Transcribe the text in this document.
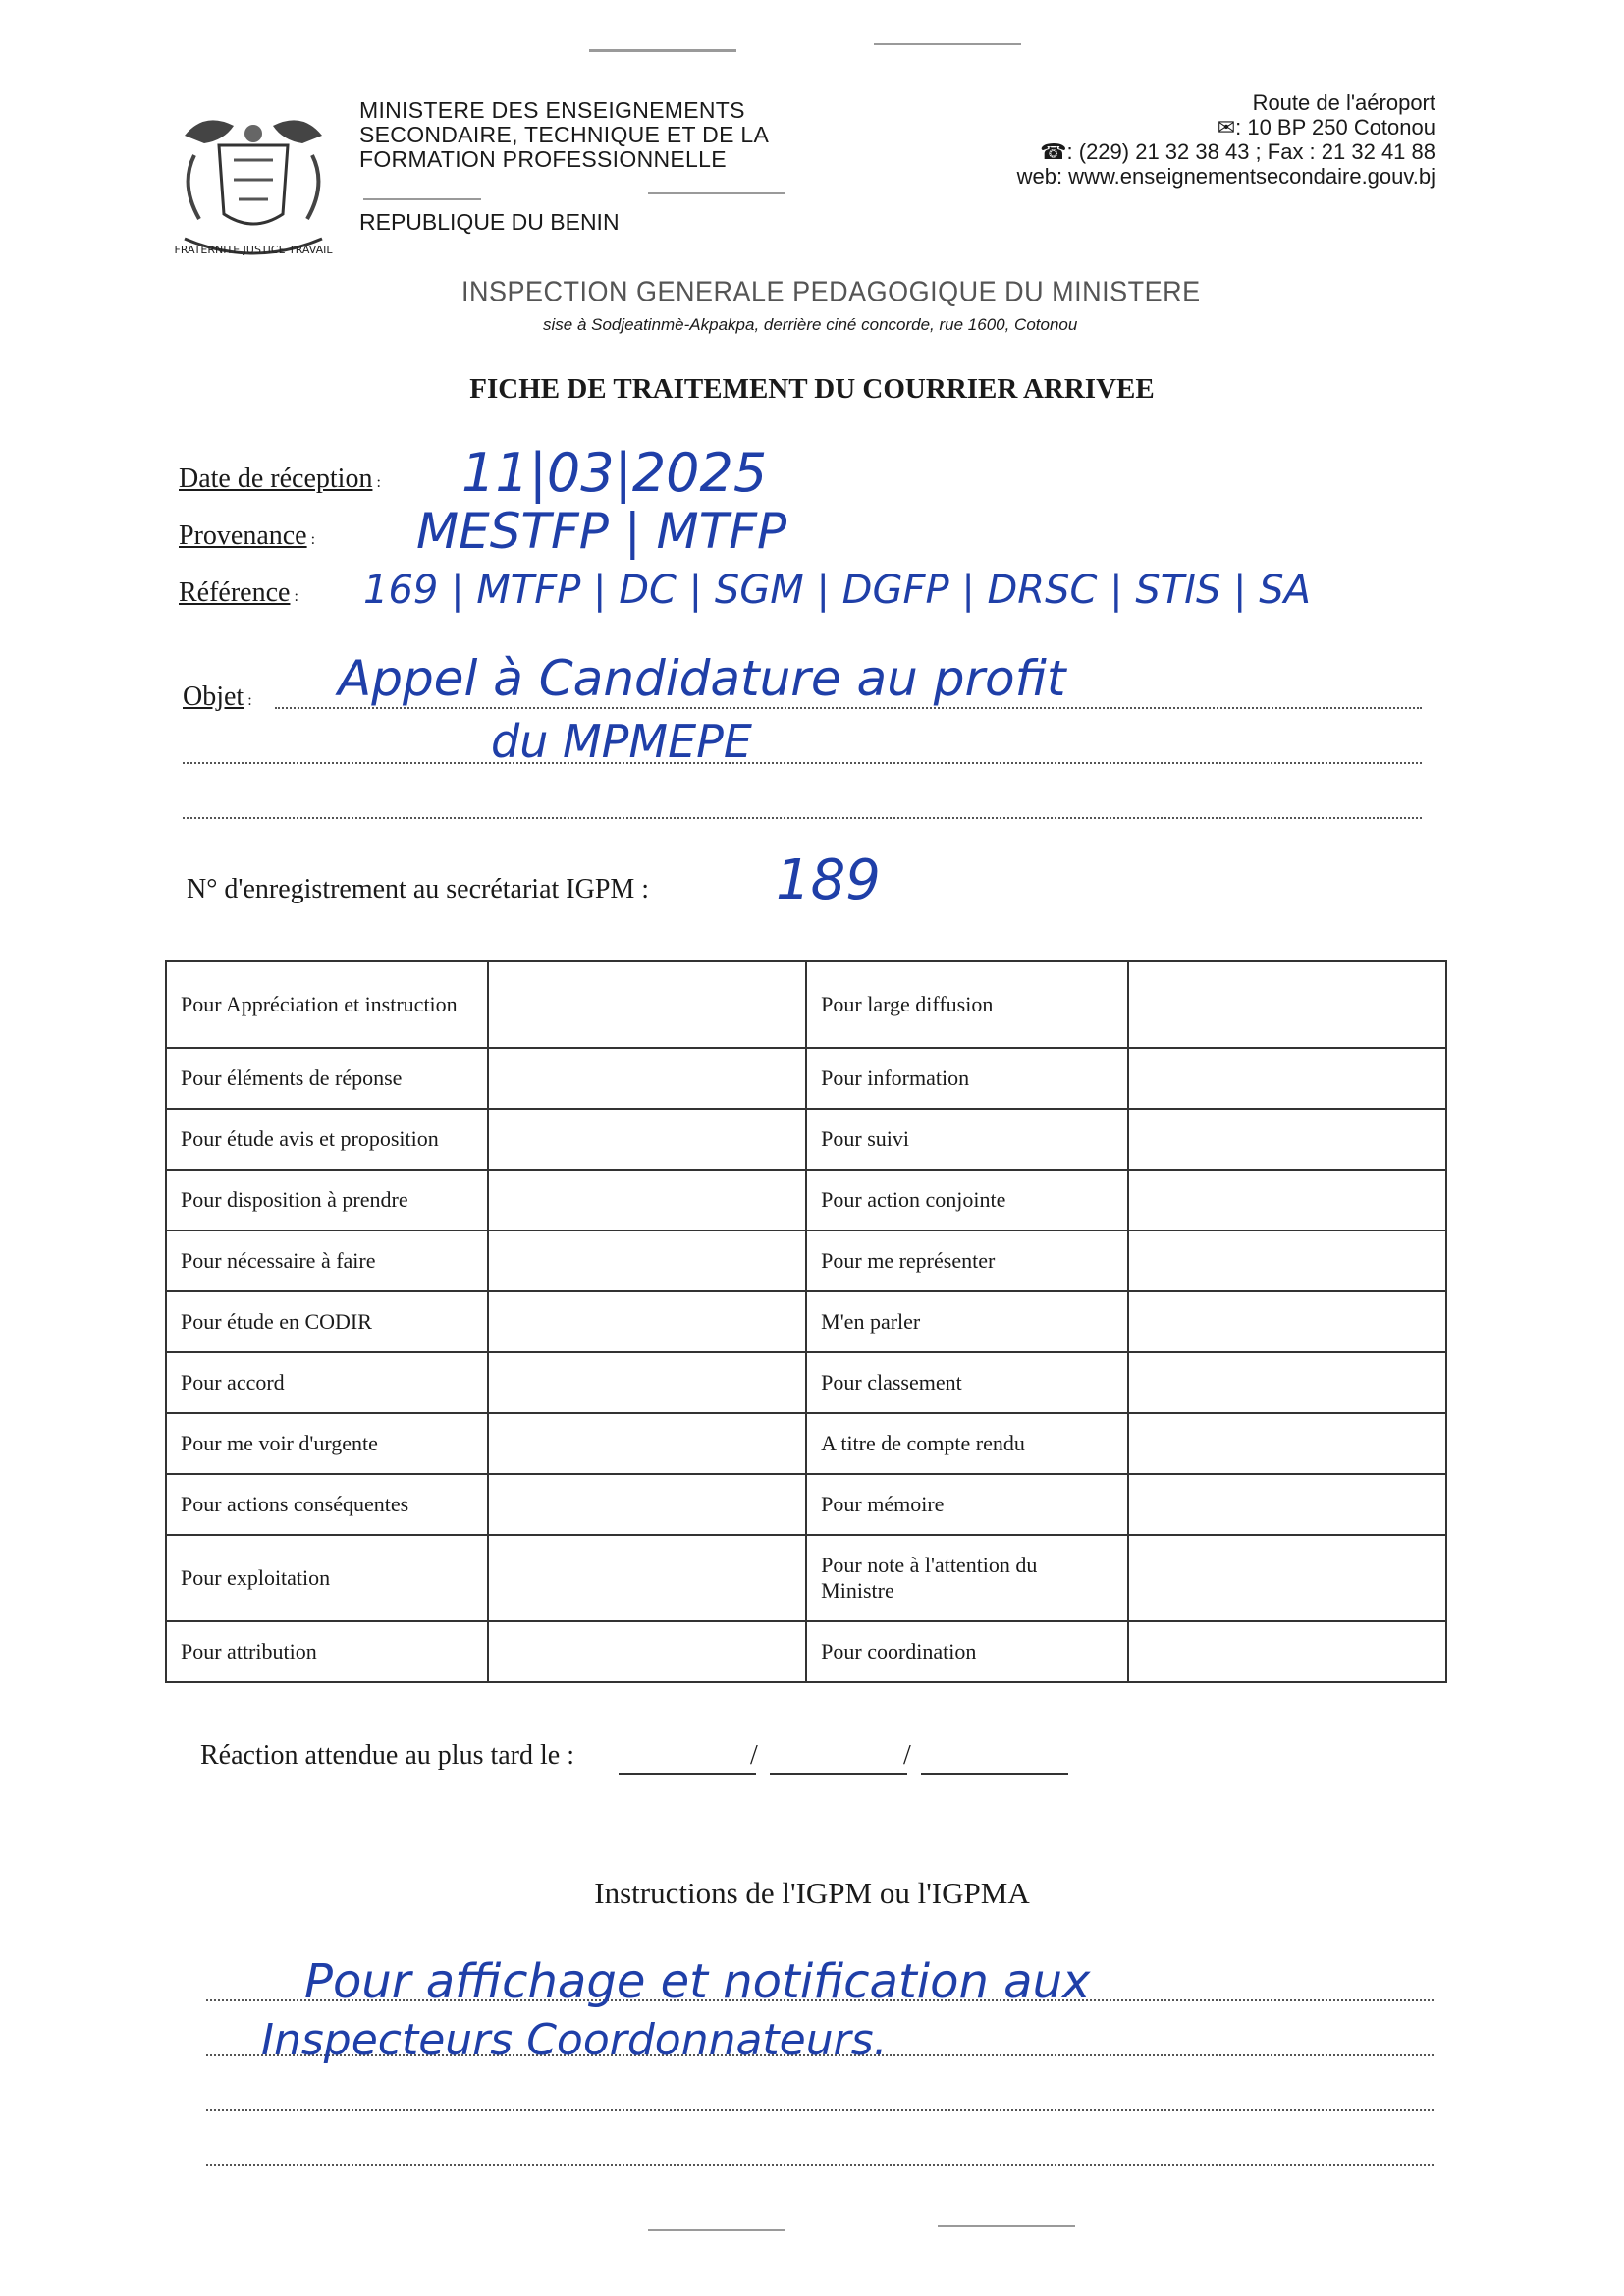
FRATERNITE JUSTICE TRAVAIL
MINISTERE DES ENSEIGNEMENTS
SECONDAIRE, TECHNIQUE ET DE LA
FORMATION PROFESSIONNELLE
REPUBLIQUE DU BENIN
Route de l'aéroport
✉: 10 BP 250 Cotonou
☎: (229) 21 32 38 43 ; Fax : 21 32 41 88
web: www.enseignementsecondaire.gouv.bj
INSPECTION GENERALE PEDAGOGIQUE DU MINISTERE
sise à Sodjeatinmè-Akpakpa, derrière ciné concorde, rue 1600, Cotonou
FICHE DE TRAITEMENT DU COURRIER ARRIVEE
Date de réception : 11|03|2025
Provenance : MESTFP | MTFP
Référence : 169 | MTFP | DC | SGM | DGFP | DRSC | STIS | SA
Objet : Appel à Candidature au profit
du MPMEPE
N° d'enregistrement au secrétariat IGPM : 189
Pour Appréciation et instruction		Pour large diffusion	
Pour éléments de réponse		Pour information	
Pour étude avis et proposition		Pour suivi	
Pour disposition à prendre		Pour action conjointe	
Pour nécessaire à faire		Pour me représenter	
Pour étude en CODIR		M'en parler	
Pour accord		Pour classement	
Pour me voir d'urgente		A titre de compte rendu	
Pour actions conséquentes		Pour mémoire	
Pour exploitation		Pour note à l'attention du Ministre	
Pour attribution		Pour coordination	
Réaction attendue au plus tard le :	/	/
Instructions de l'IGPM ou l'IGPMA
Pour affichage et notification aux
Inspecteurs Coordonnateurs.
